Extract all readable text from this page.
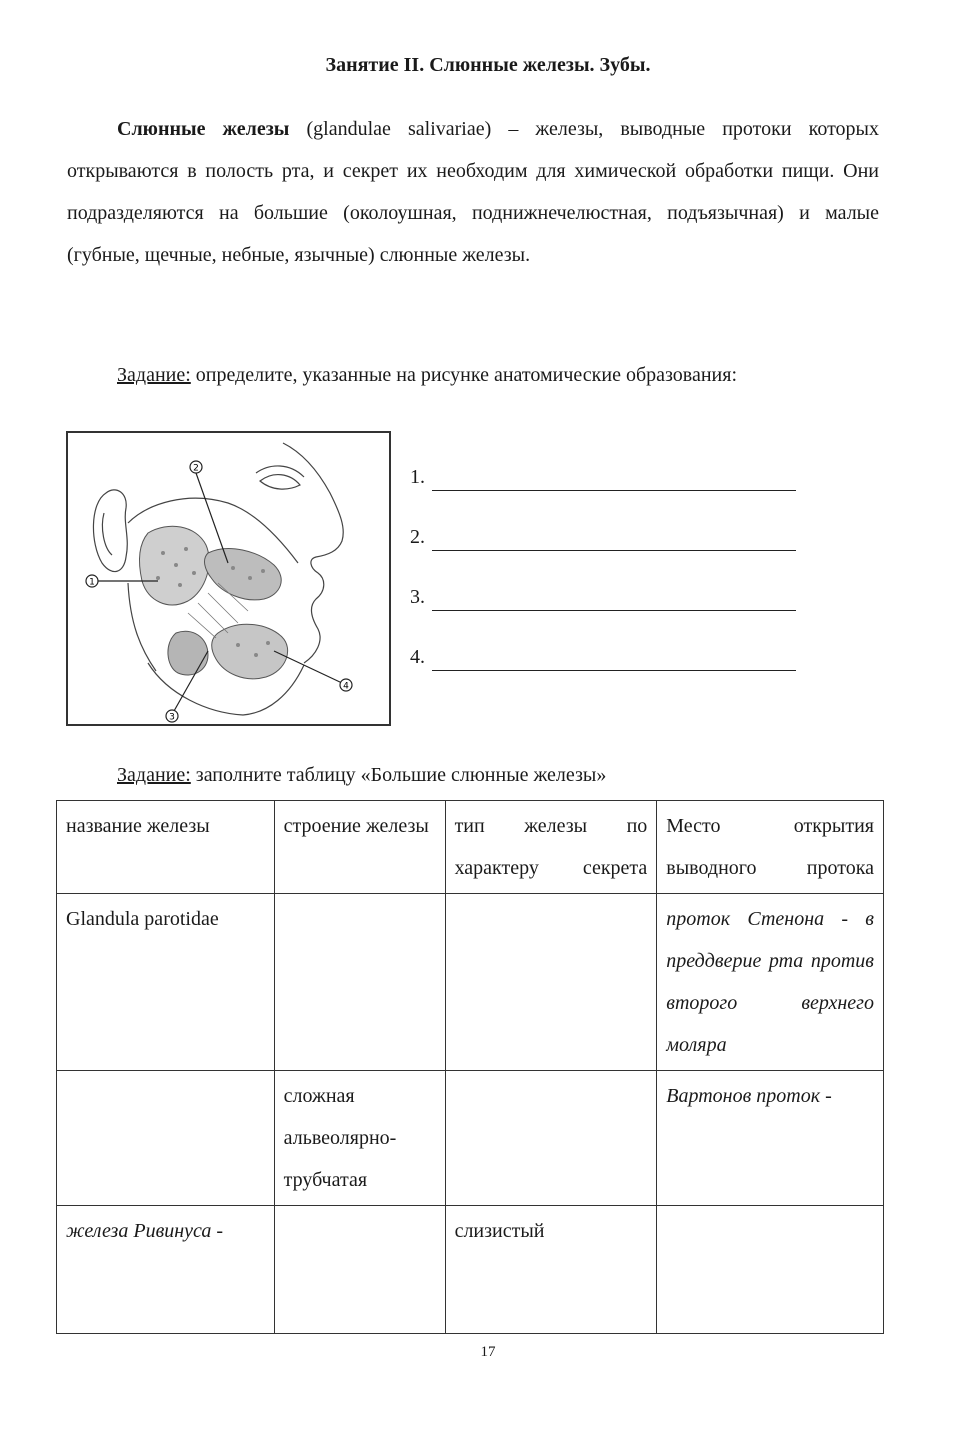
Занятие II. Слюнные железы. Зубы.
Слюнные железы (glandulae salivariae) – железы, выводные протоки которых открываются в полость рта, и секрет их необходим для химической обработки пищи. Они подразделяются на большие (околоушная, поднижнечелюстная, подъязычная) и малые (губные, щечные, небные, язычные) слюнные железы.
Задание: определите, указанные на рисунке анатомические образования:
1
2
3
4
1.
2.
3.
4.
Задание: заполните таблицу «Большие слюнные железы»
название железы	строение железы	тип железы по характеру секрета	Место открытия выводного протока
Glandula parotidae			проток Стенона - в преддверие рта против второго верхнего моляра
	сложная альвеолярно-трубчатая		Вартонов проток -
железа Ривинуса -		слизистый	
17
